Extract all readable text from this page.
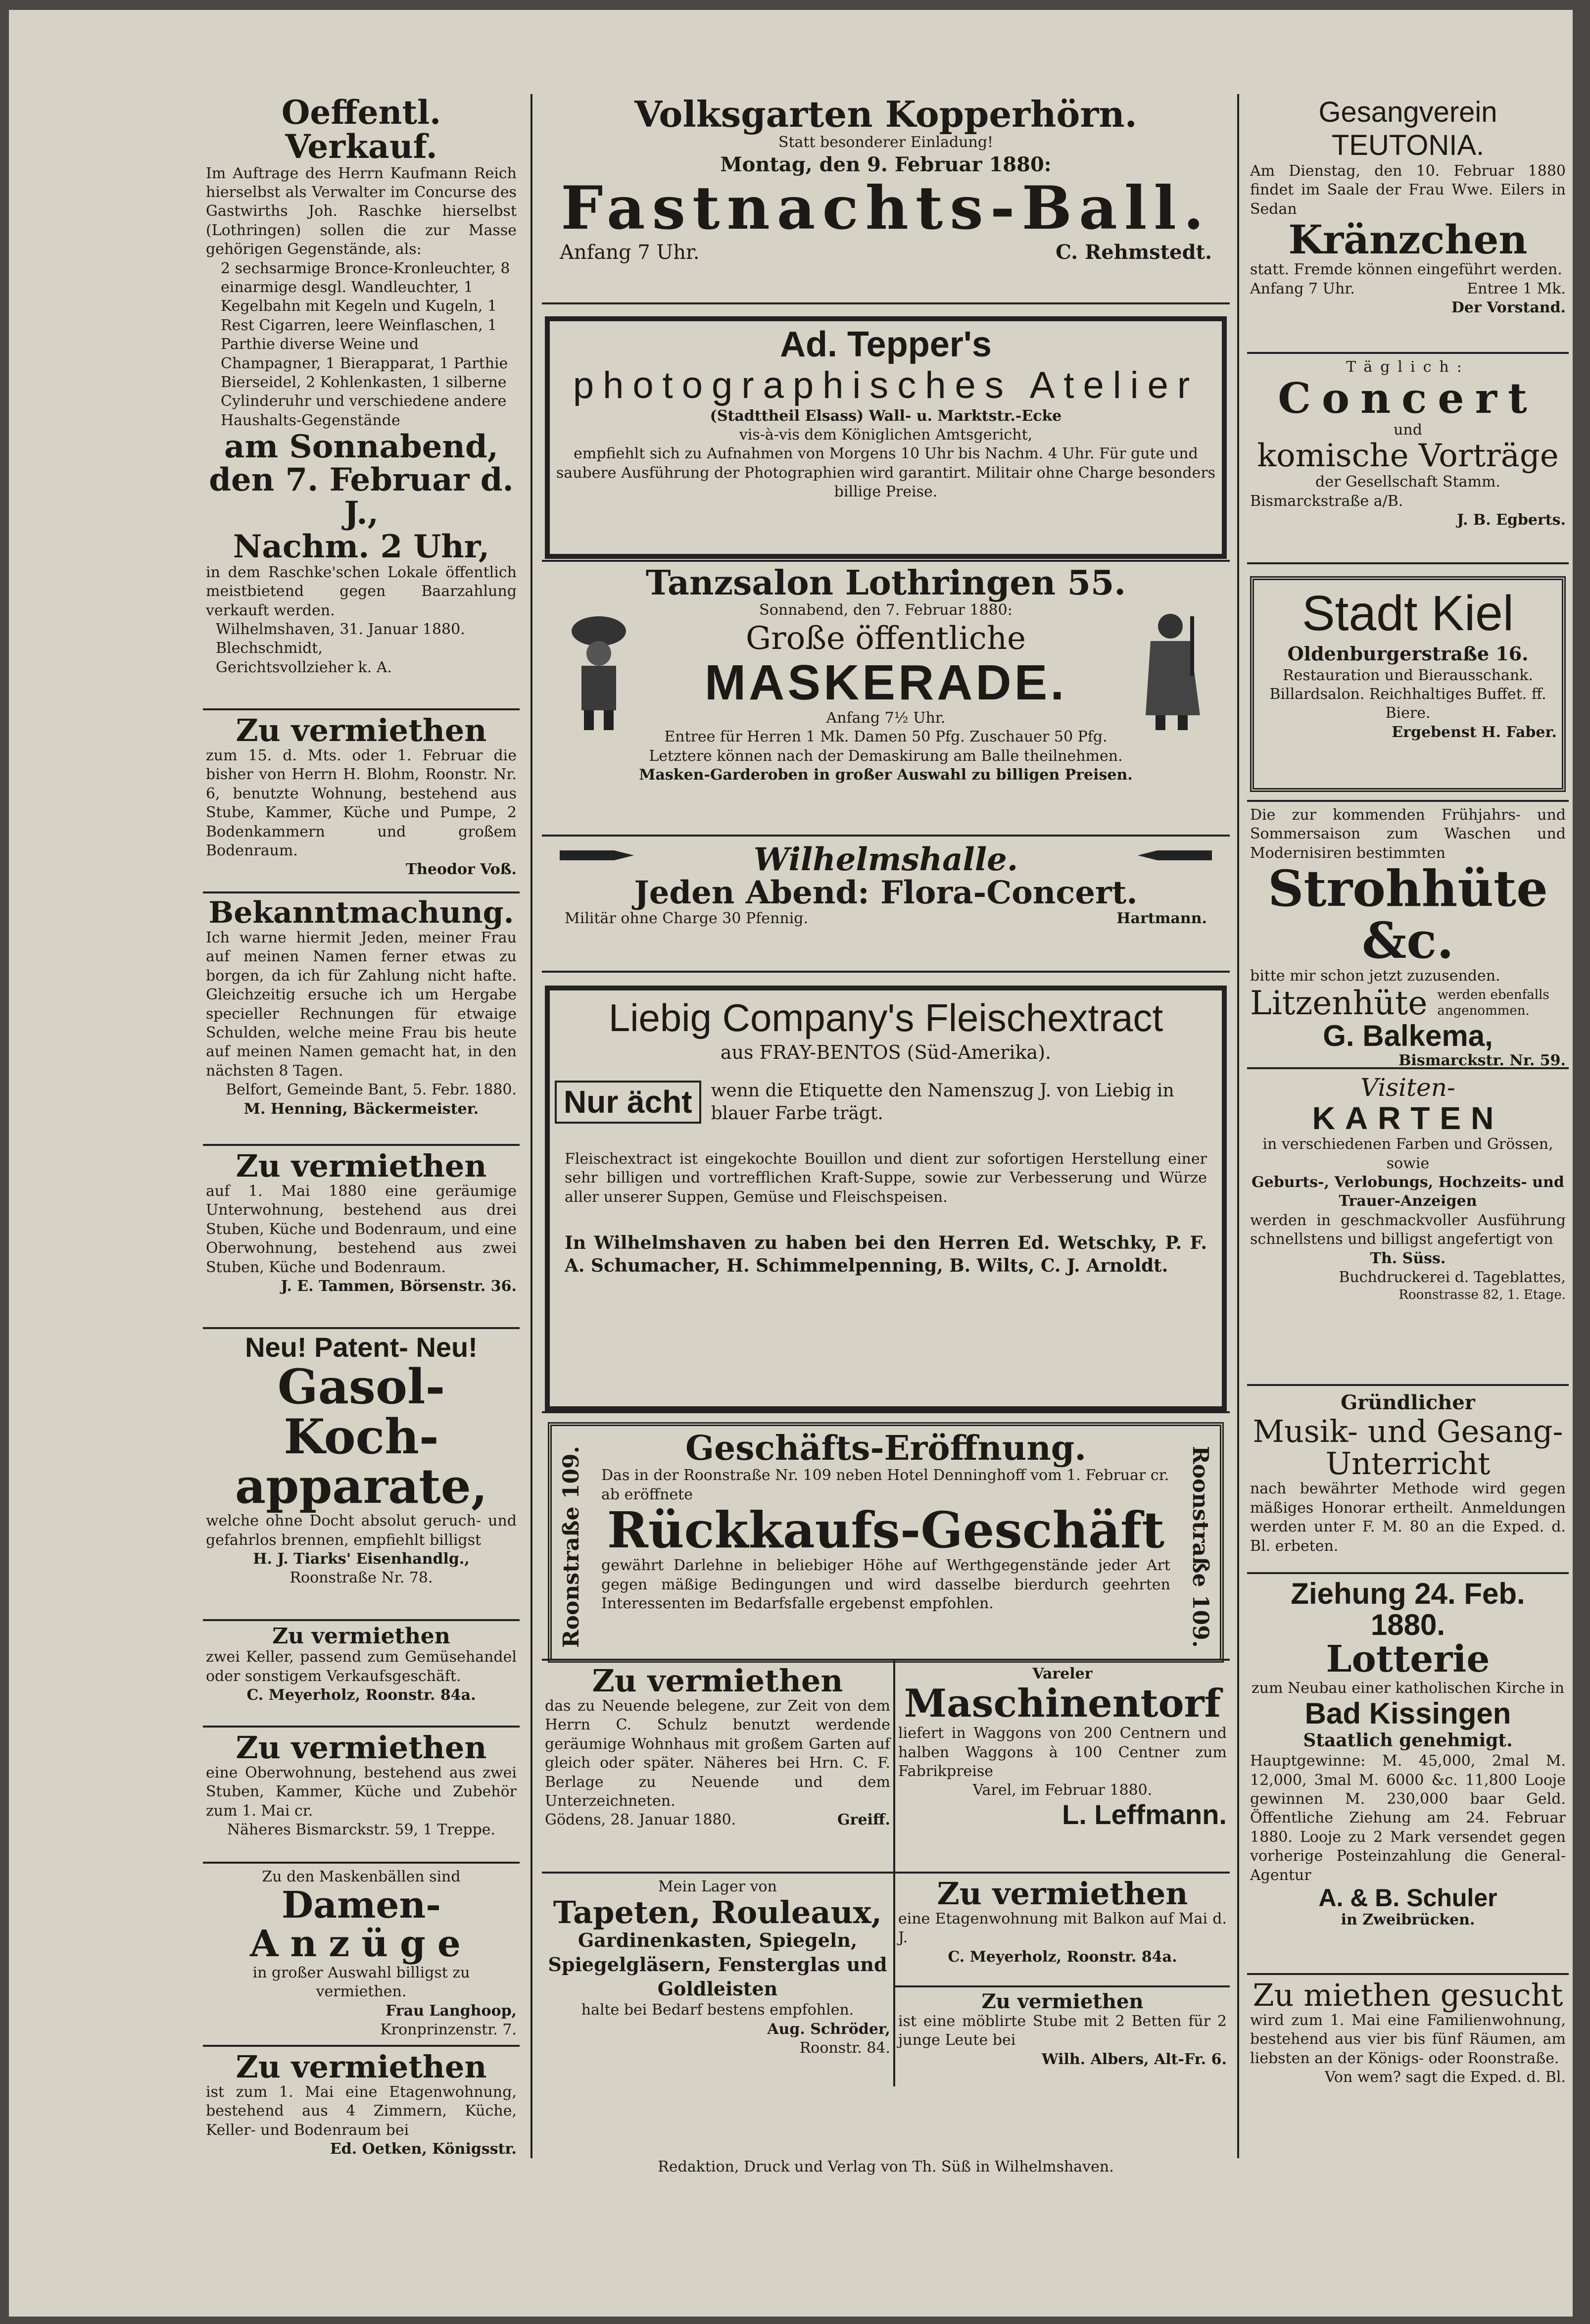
Oeffentl. Verkauf.

Im Auftrage des Herrn Kaufmann Reich hierselbst als Verwalter im Concurse des Gastwirths Joh. Raschke hierselbst (Lothringen) sollen die zur Masse gehörigen Gegenstände, als:

2 sechsarmige Bronce-Kronleuchter, 8 einarmige desgl. Wandleuchter, 1 Kegelbahn mit Kegeln und Kugeln, 1 Rest Cigarren, leere Weinflaschen, 1 Parthie diverse Weine und Champagner, 1 Bierapparat, 1 Parthie Bierseidel, 2 Kohlenkasten, 1 silberne Cylinderuhr und verschiedene andere Haushalts-Gegenstände

am Sonnabend,

den 7. Februar d. J.,

Nachm. 2 Uhr,

in dem Raschke'schen Lokale öffentlich meistbietend gegen Baarzahlung verkauft werden.

Wilhelmshaven, 31. Januar 1880.

Blechschmidt,

Gerichtsvollzieher k. A.

Zu vermiethen

zum 15. d. Mts. oder 1. Februar die bisher von Herrn H. Blohm, Roonstr. Nr. 6, benutzte Wohnung, bestehend aus Stube, Kammer, Küche und Pumpe, 2 Bodenkammern und großem Bodenraum.

Theodor Voß.

Bekanntmachung.

Ich warne hiermit Jeden, meiner Frau auf meinen Namen ferner etwas zu borgen, da ich für Zahlung nicht hafte. Gleichzeitig ersuche ich um Hergabe specieller Rechnungen für etwaige Schulden, welche meine Frau bis heute auf meinen Namen gemacht hat, in den nächsten 8 Tagen.

Belfort, Gemeinde Bant, 5. Febr. 1880.

M. Henning, Bäckermeister.

Zu vermiethen

auf 1. Mai 1880 eine geräumige Unterwohnung, bestehend aus drei Stuben, Küche und Bodenraum, und eine Oberwohnung, bestehend aus zwei Stuben, Küche und Bodenraum.

J. E. Tammen, Börsenstr. 36.

Neu! Patent- Neu!

Gasol-Koch-

apparate,

welche ohne Docht absolut geruch- und gefahrlos brennen, empfiehlt billigst

H. J. Tiarks' Eisenhandlg.,

Roonstraße Nr. 78.

Zu vermiethen

zwei Keller, passend zum Gemüsehandel oder sonstigem Verkaufsgeschäft.

C. Meyerholz, Roonstr. 84a.

Zu vermiethen

eine Oberwohnung, bestehend aus zwei Stuben, Kammer, Küche und Zubehör zum 1. Mai cr.

Näheres Bismarckstr. 59, 1 Treppe.

Zu den Maskenbällen sind

Damen-

Anzüge

in großer Auswahl billigst zu vermiethen.

Frau Langhoop,

Kronprinzenstr. 7.

Zu vermiethen

ist zum 1. Mai eine Etagenwohnung, bestehend aus 4 Zimmern, Küche, Keller- und Bodenraum bei

Ed. Oetken, Königsstr.

Volksgarten Kopperhörn.

Statt besonderer Einladung!

Montag, den 9. Februar 1880:

Fastnachts-Ball.

Anfang 7 Uhr.	C. Rehmstedt.

Ad. Tepper's

photographisches Atelier

(Stadttheil Elsass) Wall- u. Marktstr.-Ecke

vis-à-vis dem Königlichen Amtsgericht,

empfiehlt sich zu Aufnahmen von Morgens 10 Uhr bis Nachm. 4 Uhr. Für gute und saubere Ausführung der Photographien wird garantirt. Militair ohne Charge besonders billige Preise.

Tanzsalon Lothringen 55.

Sonnabend, den 7. Februar 1880:

Große öffentliche

MASKERADE.

Anfang 7½ Uhr.

Entree für Herren 1 Mk. Damen 50 Pfg. Zuschauer 50 Pfg.

Letztere können nach der Demaskirung am Balle theilnehmen.

Masken-Garderoben in großer Auswahl zu billigen Preisen.

Wilhelmshalle.

Jeden Abend: Flora-Concert.

Militär ohne Charge 30 Pfennig.	Hartmann.

Liebig Company's Fleischextract

aus FRAY-BENTOS (Süd-Amerika).

Nur ächt	wenn die Etiquette den Namenszug J. von Liebig in blauer Farbe trägt.

Fleischextract ist eingekochte Bouillon und dient zur sofortigen Herstellung einer sehr billigen und vortrefflichen Kraft-Suppe, sowie zur Verbesserung und Würze aller unserer Suppen, Gemüse und Fleischspeisen.

In Wilhelmshaven zu haben bei den Herren Ed. Wetschky, P. F. A. Schumacher, H. Schimmelpenning, B. Wilts, C. J. Arnoldt.

Geschäfts-Eröffnung.

Das in der Roonstraße Nr. 109 neben Hotel Denninghoff vom 1. Februar cr. ab eröffnete

Rückkaufs-Geschäft

gewährt Darlehne in beliebiger Höhe auf Werthgegenstände jeder Art gegen mäßige Bedingungen und wird dasselbe bierdurch geehrten Interessenten im Bedarfsfalle ergebenst empfohlen.

Roonstraße 109.	Roonstraße 109.

Zu vermiethen

das zu Neuende belegene, zur Zeit von dem Herrn C. Schulz benutzt werdende geräumige Wohnhaus mit großem Garten auf gleich oder später. Näheres bei Hrn. C. F. Berlage zu Neuende und dem Unterzeichneten.

Gödens, 28. Januar 1880.	Greiff.

Mein Lager von

Tapeten, Rouleaux,

Gardinenkasten, Spiegeln, Spiegelgläsern, Fensterglas und Goldleisten

halte bei Bedarf bestens empfohlen.

Aug. Schröder,

Roonstr. 84.

Vareler

Maschinentorf

liefert in Waggons von 200 Centnern und halben Waggons à 100 Centner zum Fabrikpreise

Varel, im Februar 1880.

L. Leffmann.

Zu vermiethen

eine Etagenwohnung mit Balkon auf Mai d. J.

C. Meyerholz, Roonstr. 84a.

Zu vermiethen

ist eine möblirte Stube mit 2 Betten für 2 junge Leute bei

Wilh. Albers, Alt-Fr. 6.

Gesangverein TEUTONIA.

Am Dienstag, den 10. Februar 1880 findet im Saale der Frau Wwe. Eilers in Sedan

Kränzchen

statt. Fremde können eingeführt werden.

Anfang 7 Uhr.	Entree 1 Mk.

Der Vorstand.

Täglich:

Concert

und

komische Vorträge

der Gesellschaft Stamm.

Bismarckstraße a/B.

J. B. Egberts.

Stadt Kiel

Oldenburgerstraße 16.

Restauration und Bierausschank. Billardsalon. Reichhaltiges Buffet. ff. Biere.

Ergebenst H. Faber.

Die zur kommenden Frühjahrs- und Sommersaison zum Waschen und Modernisiren bestimmten

Strohhüte &c.

bitte mir schon jetzt zuzusenden.

Litzenhüte werden ebenfalls angenommen.

G. Balkema,

Bismarckstr. Nr. 59.

Visiten-

KARTEN

in verschiedenen Farben und Grössen, sowie

Geburts-, Verlobungs, Hochzeits- und Trauer-Anzeigen

werden in geschmackvoller Ausführung schnellstens und billigst angefertigt von

Th. Süss.

Buchdruckerei d. Tageblattes,

Roonstrasse 82, 1. Etage.

Gründlicher

Musik- und Gesang-Unterricht

nach bewährter Methode wird gegen mäßiges Honorar ertheilt. Anmeldungen werden unter F. M. 80 an die Exped. d. Bl. erbeten.

Ziehung 24. Feb. 1880.

Lotterie

zum Neubau einer katholischen Kirche in

Bad Kissingen

Staatlich genehmigt.

Hauptgewinne: M. 45,000, 2mal M. 12,000, 3mal M. 6000 &c. 11,800 Looje gewinnen M. 230,000 baar Geld. Öffentliche Ziehung am 24. Februar 1880. Looje zu 2 Mark versendet gegen vorherige Posteinzahlung die General-Agentur

A. & B. Schuler

in Zweibrücken.

Zu miethen gesucht

wird zum 1. Mai eine Familienwohnung, bestehend aus vier bis fünf Räumen, am liebsten an der Königs- oder Roonstraße.

Von wem? sagt die Exped. d. Bl.

Redaktion, Druck und Verlag von Th. Süß in Wilhelmshaven.
